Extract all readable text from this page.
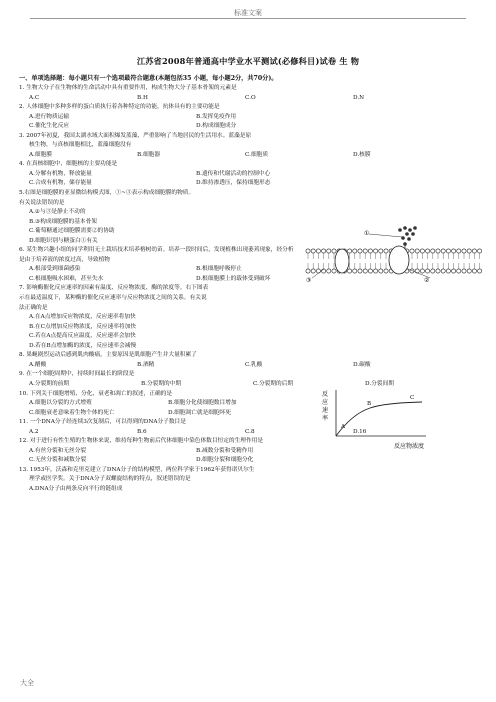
标准文案
江苏省2008年普通高中学业水平测试(必修科目)试卷 生 物
一、单项选择题：每小题只有一个选项最符合题意(本题包括35 小题，每小题2分，共70分)。
1. 生物大分子在生物体的生命活动中具有重要作用，构成生物大分子基本骨架的元素是
A.C	B.H	C.O	D.N
2. 人体细胞中多种多样的蛋白质执行着各种特定的功能，抗体具有的主要功能是
A.进行物质运输	B.发挥免疫作用
C.催化生化反应	D.构成细胞成分
3. 2007年初夏，我国太湖水域大面积爆发蓝藻，严重影响了当地居民的生活用水。蓝藻是原
核生物，与真核细胞相比，蓝藻细胞没有
A.细胞膜	B.细胞器	C.细胞质	D.核膜
4. 在真核细胞中，细胞核的主要功能是
A.分解有机物，释放能量	B.遗传和代谢活动的控制中心
C.合成有机物，储存能量	D.维持渗透压，保持细胞形态
5.右图是细胞膜的亚显微结构模式图，①~③表示构成细胞膜的物质。
有关说法错误的是
A.②与③是静止不动的
B.③构成细胞膜的基本骨架
C.葡萄糖通过细胞膜需要②的协助
D.细胞识别与糖蛋白①有关
6. 某生物兴趣小组的同学利用无土栽培技术培养榕树幼苗。培养一段时间后，发现植株出现萎蔫现象，经分析
是由于培养液的浓度过高，导致植物
A.根部受到细菌感染	B.根细胞呼吸停止
C.根细胞吸水困难，甚至失水	D.根细胞膜上的载体受到破坏
7. 影响酶催化反应速率的因素有温度、反应物浓度、酶的浓度等。右下图表
示在最适温度下，某种酶的催化反应速率与反应物浓度之间的关系。有关说
法正确的是
A.在A点增加反应物浓度，反应速率将加快
B.在C点增加反应物浓度，反应速率将加快
C.若在A点提高反应温度，反应速率会加快
D.若在B点增加酶的浓度，反应速率会减慢
8. 果蝇剧烈运动后感到肌肉酸痛，主要原因是肌细胞产生并大量积累了
A.醋酸	B.酒精	C.乳酸	D.碳酸
9. 在一个细胞周期中，持续时间最长的阶段是
A.分裂期的前期	B.分裂期的中期	C.分裂期的后期	D.分裂间期
10. 下列关于细胞增殖、分化、衰老和凋亡的叙述，正确的是
A.细胞以分裂的方式增殖	B.细胞分化使细胞数目增加
C.细胞衰老意味着生物个体的死亡	D.细胞凋亡就是细胞坏死
11. 一个DNA分子经连续3次复制后，可以得到的DNA分子数目是
A.2	B.6	C.8	D.16
12. 对于进行有性生殖的生物体来说，维持每种生物前后代体细胞中染色体数目恒定的生理作用是
A.有丝分裂和无丝分裂	B.减数分裂和受精作用
C.无丝分裂和减数分裂	D.细胞分裂和细胞分化
13. 1953年，沃森和克里克建立了DNA分子的结构模型，两位科学家于1962年获得诺贝尔生
理学或医学奖。关于DNA分子双螺旋结构的特点，叙述错误的是
A.DNA分子由两条反向平行的链组成
①
②
③
反 应 速 率
A
B
C
反应物浓度
大全
